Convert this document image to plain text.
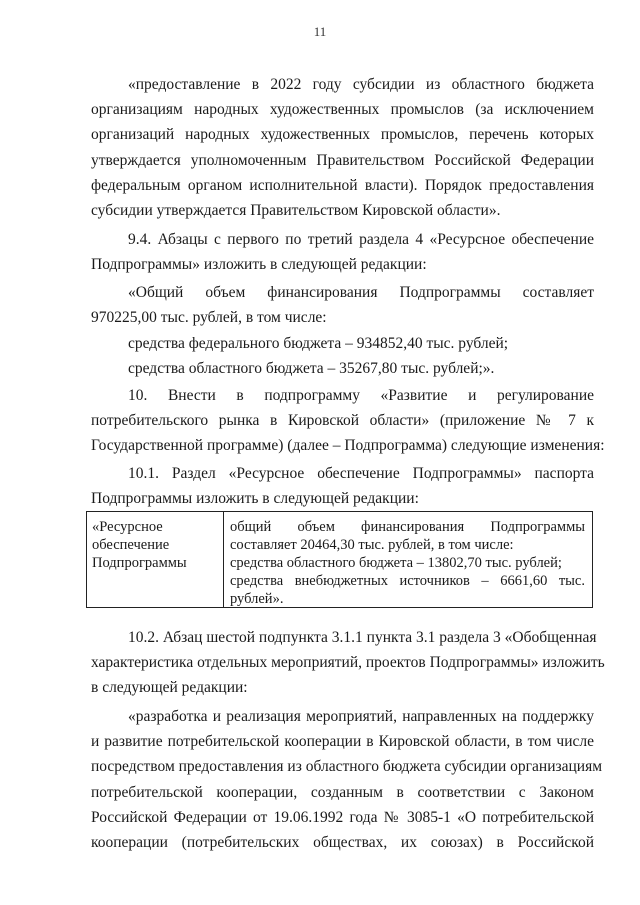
11
«предоставление в 2022 году субсидии из областного бюджета
организациям народных художественных промыслов (за исключением
организаций народных художественных промыслов, перечень которых
утверждается уполномоченным Правительством Российской Федерации
федеральным органом исполнительной власти). Порядок предоставления
субсидии утверждается Правительством Кировской области».
9.4. Абзацы с первого по третий раздела 4 «Ресурсное обеспечение
Подпрограммы» изложить в следующей редакции:
«Общий объем финансирования Подпрограммы составляет
970225,00 тыс. рублей, в том числе:
средства федерального бюджета – 934852,40 тыс. рублей;
средства областного бюджета – 35267,80 тыс. рублей;».
10. Внести в подпрограмму «Развитие и регулирование
потребительского рынка в Кировской области» (приложение № 7 к
Государственной программе) (далее – Подпрограмма) следующие изменения:
10.1. Раздел «Ресурсное обеспечение Подпрограммы» паспорта
Подпрограммы изложить в следующей редакции:
«Ресурсное
обеспечение
Подпрограммы
общий объем финансирования Подпрограммы
составляет 20464,30 тыс. рублей, в том числе:
средства областного бюджета – 13802,70 тыс. рублей;
средства внебюджетных источников – 6661,60 тыс.
рублей».
10.2. Абзац шестой подпункта 3.1.1 пункта 3.1 раздела 3 «Обобщенная
характеристика отдельных мероприятий, проектов Подпрограммы» изложить
в следующей редакции:
«разработка и реализация мероприятий, направленных на поддержку
и развитие потребительской кооперации в Кировской области, в том числе
посредством предоставления из областного бюджета субсидии организациям
потребительской кооперации, созданным в соответствии с Законом
Российской Федерации от 19.06.1992 года № 3085-1 «О потребительской
кооперации (потребительских обществах, их союзах) в Российской
